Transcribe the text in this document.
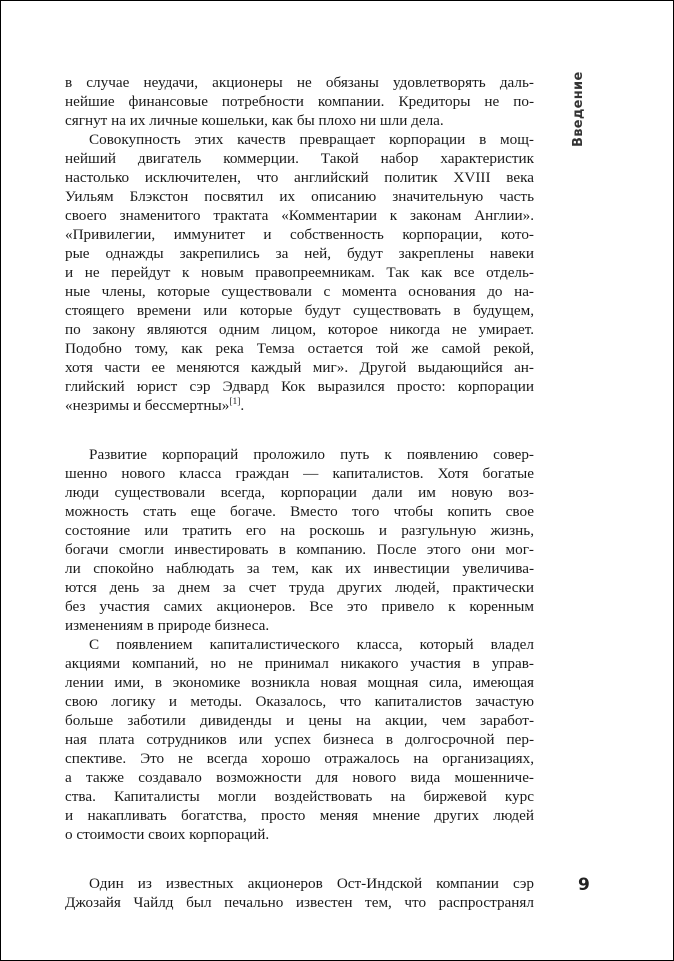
в случае неудачи, акционеры не обязаны удовлетворять даль-
нейшие финансовые потребности компании. Кредиторы не по-
сягнут на их личные кошельки, как бы плохо ни шли дела.
Совокупность этих качеств превращает корпорации в мощ-
нейший двигатель коммерции. Такой набор характеристик
настолько исключителен, что английский политик XVIII века
Уильям Блэкстон посвятил их описанию значительную часть
своего знаменитого трактата «Комментарии к законам Англии».
«Привилегии, иммунитет и собственность корпорации, кото-
рые однажды закрепились за ней, будут закреплены навеки
и не перейдут к новым правопреемникам. Так как все отдель-
ные члены, которые существовали с момента основания до на-
стоящего времени или которые будут существовать в будущем,
по закону являются одним лицом, которое никогда не умирает.
Подобно тому, как река Темза остается той же самой рекой,
хотя части ее меняются каждый миг». Другой выдающийся ан-
глийский юрист сэр Эдвард Кок выразился просто: корпорации
«незримы и бессмертны»[1].
Развитие корпораций проложило путь к появлению совер-
шенно нового класса граждан — капиталистов. Хотя богатые
люди существовали всегда, корпорации дали им новую воз-
можность стать еще богаче. Вместо того чтобы копить свое
состояние или тратить его на роскошь и разгульную жизнь,
богачи смогли инвестировать в компанию. После этого они мог-
ли спокойно наблюдать за тем, как их инвестиции увеличива-
ются день за днем за счет труда других людей, практически
без участия самих акционеров. Все это привело к коренным
изменениям в природе бизнеса.
С появлением капиталистического класса, который владел
акциями компаний, но не принимал никакого участия в управ-
лении ими, в экономике возникла новая мощная сила, имеющая
свою логику и методы. Оказалось, что капиталистов зачастую
больше заботили дивиденды и цены на акции, чем заработ-
ная плата сотрудников или успех бизнеса в долгосрочной пер-
спективе. Это не всегда хорошо отражалось на организациях,
а также создавало возможности для нового вида мошенниче-
ства. Капиталисты могли воздействовать на биржевой курс
и накапливать богатства, просто меняя мнение других людей
о стоимости своих корпораций.
Один из известных акционеров Ост-Индской компании сэр
Джозайя Чайлд был печально известен тем, что распространял
Введение
9
